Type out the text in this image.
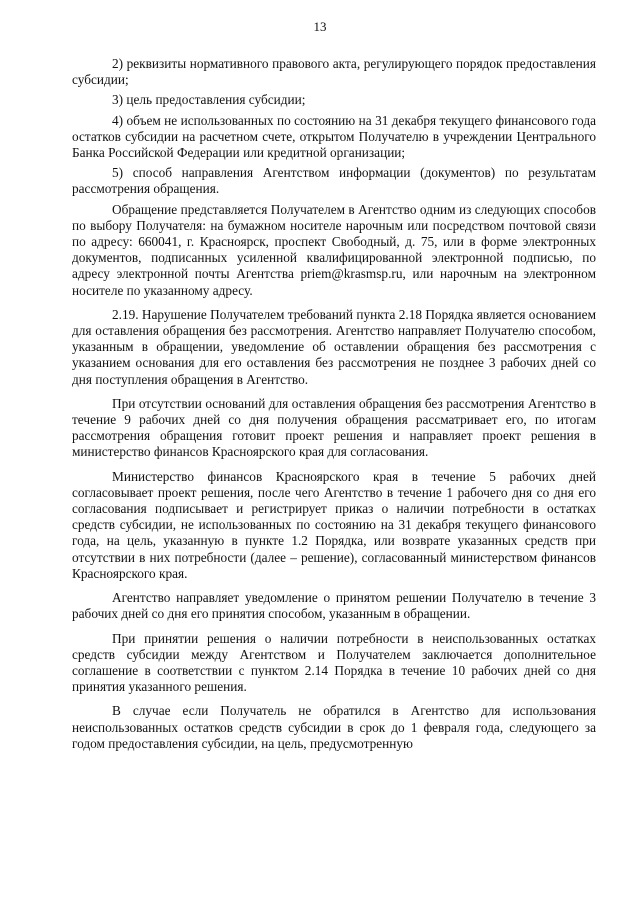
13

2) реквизиты нормативного правового акта, регулирующего порядок предоставления субсидии;

3) цель предоставления субсидии;

4) объем не использованных по состоянию на 31 декабря текущего финансового года остатков субсидии на расчетном счете, открытом Получателю в учреждении Центрального Банка Российской Федерации или кредитной организации;

5) способ направления Агентством информации (документов) по результатам рассмотрения обращения.

Обращение представляется Получателем в Агентство одним из следующих способов по выбору Получателя: на бумажном носителе нарочным или посредством почтовой связи по адресу: 660041, г. Красноярск, проспект Свободный, д. 75, или в форме электронных документов, подписанных усиленной квалифицированной электронной подписью, по адресу электронной почты Агентства priem@krasmsp.ru, или нарочным на электронном носителе по указанному адресу.

2.19. Нарушение Получателем требований пункта 2.18 Порядка является основанием для оставления обращения без рассмотрения. Агентство направляет Получателю способом, указанным в обращении, уведомление об оставлении обращения без рассмотрения с указанием основания для его оставления без рассмотрения не позднее 3 рабочих дней со дня поступления обращения в Агентство.

При отсутствии оснований для оставления обращения без рассмотрения Агентство в течение 9 рабочих дней со дня получения обращения рассматривает его, по итогам рассмотрения обращения готовит проект решения и направляет проект решения в министерство финансов Красноярского края для согласования.

Министерство финансов Красноярского края в течение 5 рабочих дней согласовывает проект решения, после чего Агентство в течение 1 рабочего дня со дня его согласования подписывает и регистрирует приказ о наличии потребности в остатках средств субсидии, не использованных по состоянию на 31 декабря текущего финансового года, на цель, указанную в пункте 1.2 Порядка, или возврате указанных средств при отсутствии в них потребности (далее – решение), согласованный министерством финансов Красноярского края.

Агентство направляет уведомление о принятом решении Получателю в течение 3 рабочих дней со дня его принятия способом, указанным в обращении.

При принятии решения о наличии потребности в неиспользованных остатках средств субсидии между Агентством и Получателем заключается дополнительное соглашение в соответствии с пунктом 2.14 Порядка в течение 10 рабочих дней со дня принятия указанного решения.

В случае если Получатель не обратился в Агентство для использования неиспользованных остатков средств субсидии в срок до 1 февраля года, следующего за годом предоставления субсидии, на цель, предусмотренную
